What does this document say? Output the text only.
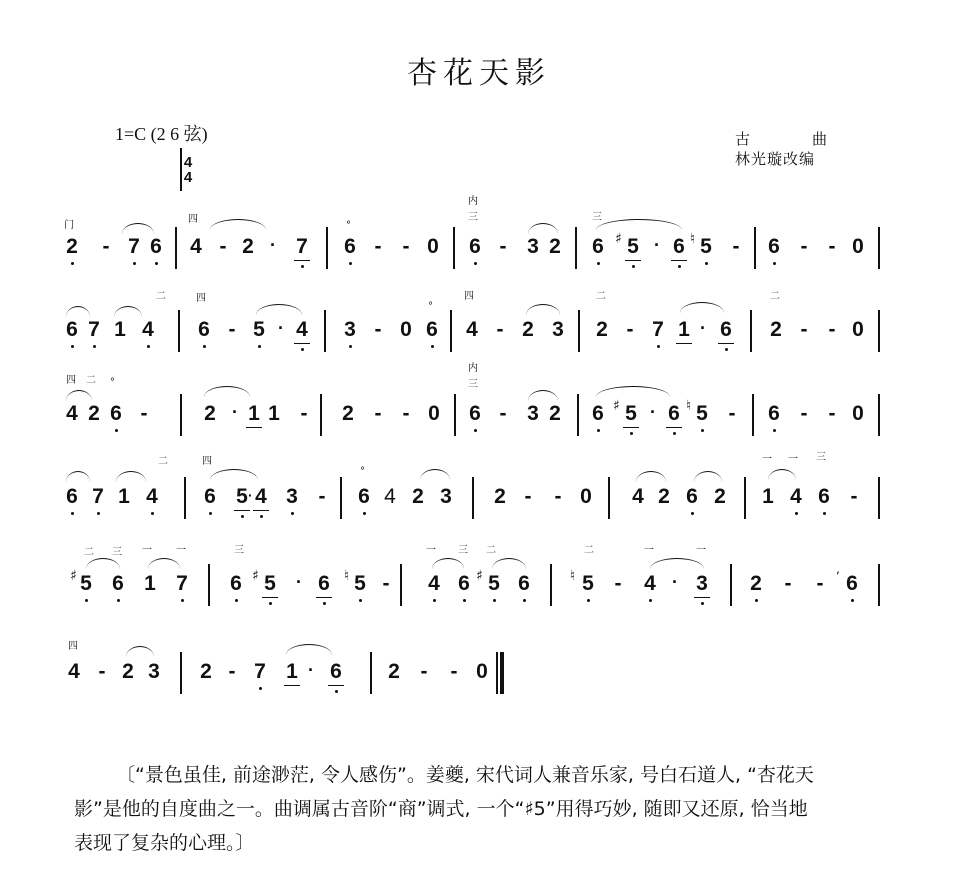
杏花天影
1=C (2 6 弦)
4
4
古曲
林光璇改编
门
2 - 7 6
四
4 - 2 · 7
°
6 - - 0
内
三
6 - 3 2
三
6 ♯ 5 · 6 ♮ 5 - 6 - - 0
6 7
二
1 4
四
6 - 5 · 4 3 - 0
°
6
四
4 - 2 3
二
2 - 7 1 · 6
二
2 - - 0
四 二 °
4 2 6 -	2 · 1 1 - 2 - - 0
内
三
6 - 3 2 6 ♯ 5 · 6 ♮ 5 - 6 - - 0
6 7
二
1 4
四
6 5 · 4 3 -
°
6 4 2 3 2 - - 0 4 2 6 2
一 一 三
1 4 6 -
二 三 一 一
♯ 5 6 1 7
三
6 ♯ 5 · 6 ♮ 5 -
一 三 二
4 6 ♯ 5 6
二	一	一
♮ 5 - 4 · 3 2 - -
,
6
四
4 - 2 3 2 - 7 1 · 6 2 - - 0

〔“景色虽佳, 前途渺茫, 令人感伤”。姜夔, 宋代词人兼音乐家, 号白石道人, “杏花天

影”是他的自度曲之一。曲调属古音阶“商”调式, 一个“♯5”用得巧妙, 随即又还原, 恰当地

表现了复杂的心理。〕
